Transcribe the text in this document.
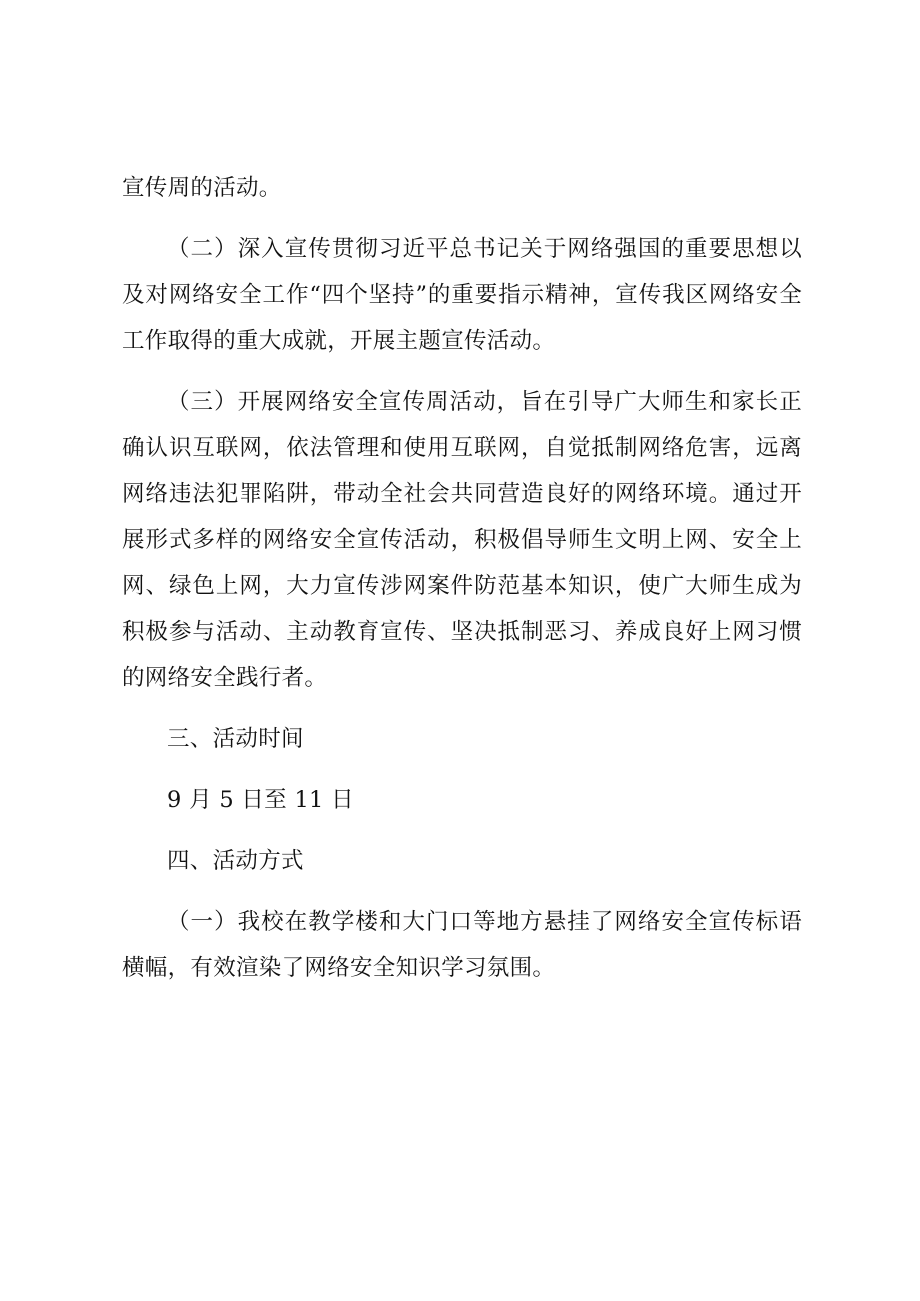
宣传周的活动。

（二）深入宣传贯彻习近平总书记关于网络强国的重要思想以及对网络安全工作“四个坚持”的重要指示精神，宣传我区网络安全工作取得的重大成就，开展主题宣传活动。

（三）开展网络安全宣传周活动，旨在引导广大师生和家长正确认识互联网，依法管理和使用互联网，自觉抵制网络危害，远离网络违法犯罪陷阱，带动全社会共同营造良好的网络环境。通过开展形式多样的网络安全宣传活动，积极倡导师生文明上网、安全上网、绿色上网，大力宣传涉网案件防范基本知识，使广大师生成为积极参与活动、主动教育宣传、坚决抵制恶习、养成良好上网习惯的网络安全践行者。

三、活动时间

9 月 5 日至 11 日

四、活动方式

（一）我校在教学楼和大门口等地方悬挂了网络安全宣传标语横幅，有效渲染了网络安全知识学习氛围。
